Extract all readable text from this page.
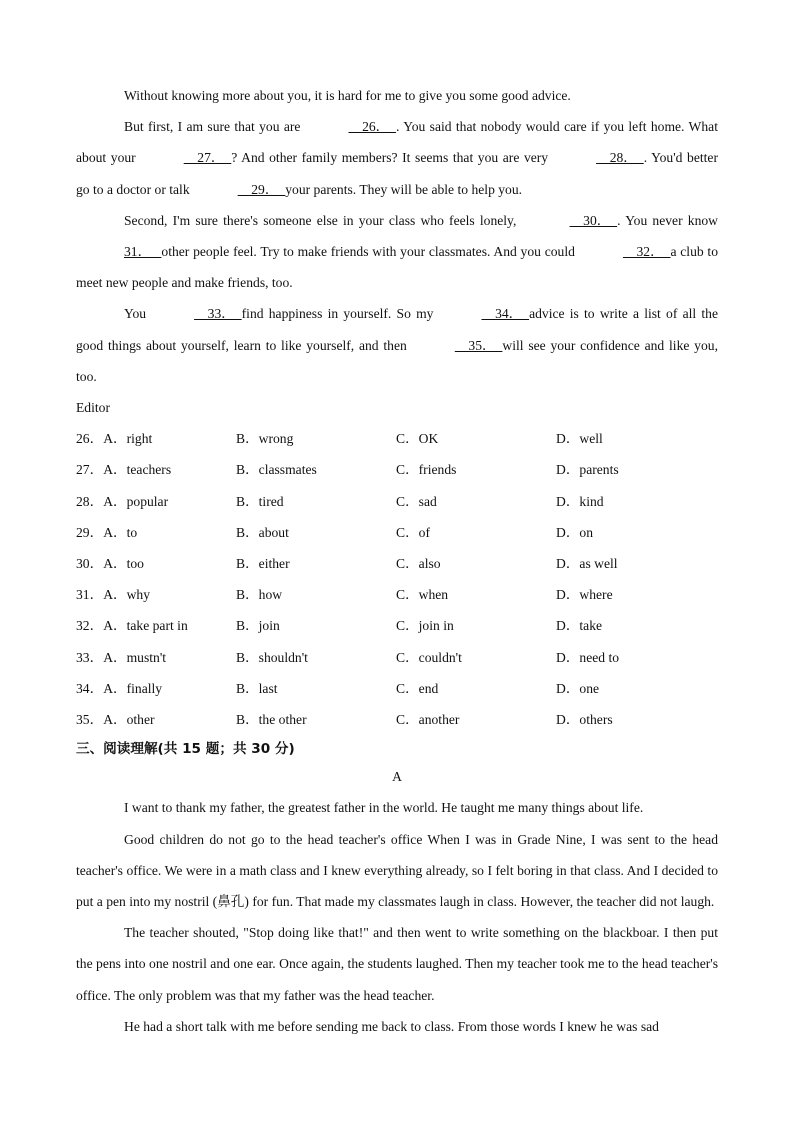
Without knowing more about you, it is hard for me to give you some good advice.

But first, I am sure that you are	26．  . You said that nobody would care if you left home. What about your	27．  ? And other family members? It seems that you are very	28．  . You'd better go to a doctor or talk	29．  your parents. They will be able to help you.

Second, I'm sure there's someone else in your class who feels lonely,	30．  . You never know 31．   other people feel. Try to make friends with your classmates. And you could	32．  a club to meet new people and make friends, too.

You	33．  find happiness in yourself. So my	34．  advice is to write a list of all the good things about yourself, learn to like yourself, and then	35．  will see your confidence and like you, too.

Editor

26．A．right	B．wrong	C．OK	D．well
27．A．teachers	B．classmates	C．friends	D．parents
28．A．popular	B．tired	C．sad	D．kind
29．A．to	B．about	C．of	D．on
30．A．too	B．either	C．also	D．as well
31．A．why	B．how	C．when	D．where
32．A．take part in	B．join	C．join in	D．take
33．A．mustn't	B．shouldn't	C．couldn't	D．need to
34．A．finally	B．last	C．end	D．one
35．A．other	B．the other	C．another	D．others
三、阅读理解(共 15 题；共 30 分)
A

I want to thank my father, the greatest father in the world. He taught me many things about life.

Good children do not go to the head teacher's office When I was in Grade Nine, I was sent to the head teacher's office. We were in a math class and I knew everything already, so I felt boring in that class. And I decided to put a pen into my nostril (鼻孔) for fun. That made my classmates laugh in class. However, the teacher did not laugh.

The teacher shouted, "Stop doing like that!" and then went to write something on the blackboar. I then put the pens into one nostril and one ear. Once again, the students laughed. Then my teacher took me to the head teacher's office. The only problem was that my father was the head teacher.

He had a short talk with me before sending me back to class. From those words I knew he was sad
